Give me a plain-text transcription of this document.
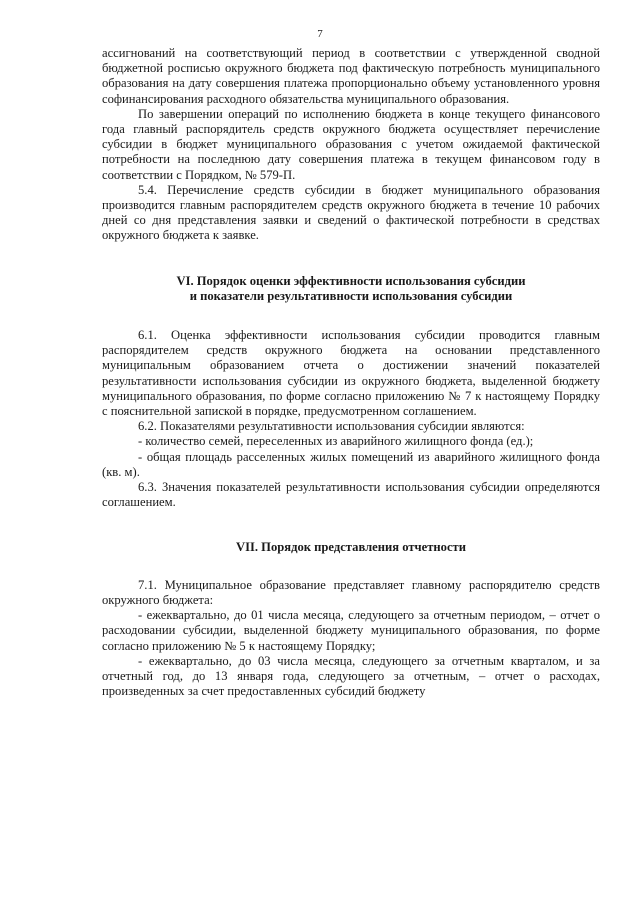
7

ассигнований на соответствующий период в соответствии с утвержденной сводной бюджетной росписью окружного бюджета под фактическую потребность муниципального образования на дату совершения платежа пропорционально объему установленного уровня софинансирования расходного обязательства муниципального образования.

По завершении операций по исполнению бюджета в конце текущего финансового года главный распорядитель средств окружного бюджета осуществляет перечисление субсидии в бюджет муниципального образования с учетом ожидаемой фактической потребности на последнюю дату совершения платежа в текущем финансовом году в соответствии с Порядком, № 579-П.

5.4. Перечисление средств субсидии в бюджет муниципального образования производится главным распорядителем средств окружного бюджета в течение 10 рабочих дней со дня представления заявки и сведений о фактической потребности в средствах окружного бюджета к заявке.

VI. Порядок оценки эффективности использования субсидии
и показатели результативности использования субсидии

6.1. Оценка эффективности использования субсидии проводится главным распорядителем средств окружного бюджета на основании представленного муниципальным образованием отчета о достижении значений показателей результативности использования субсидии из окружного бюджета, выделенной бюджету муниципального образования, по форме согласно приложению № 7 к настоящему Порядку с пояснительной запиской в порядке, предусмотренном соглашением.

6.2. Показателями результативности использования субсидии являются:

- количество семей, переселенных из аварийного жилищного фонда (ед.);

- общая площадь расселенных жилых помещений из аварийного жилищного фонда (кв. м).

6.3. Значения показателей результативности использования субсидии определяются соглашением.

VII. Порядок представления отчетности

7.1. Муниципальное образование представляет главному распорядителю средств окружного бюджета:

- ежеквартально, до 01 числа месяца, следующего за отчетным периодом, – отчет о расходовании субсидии, выделенной бюджету муниципального образования, по форме согласно приложению № 5 к настоящему Порядку;

- ежеквартально, до 03 числа месяца, следующего за отчетным кварталом, и за отчетный год, до 13 января года, следующего за отчетным, – отчет о расходах, произведенных за счет предоставленных субсидий бюджету
